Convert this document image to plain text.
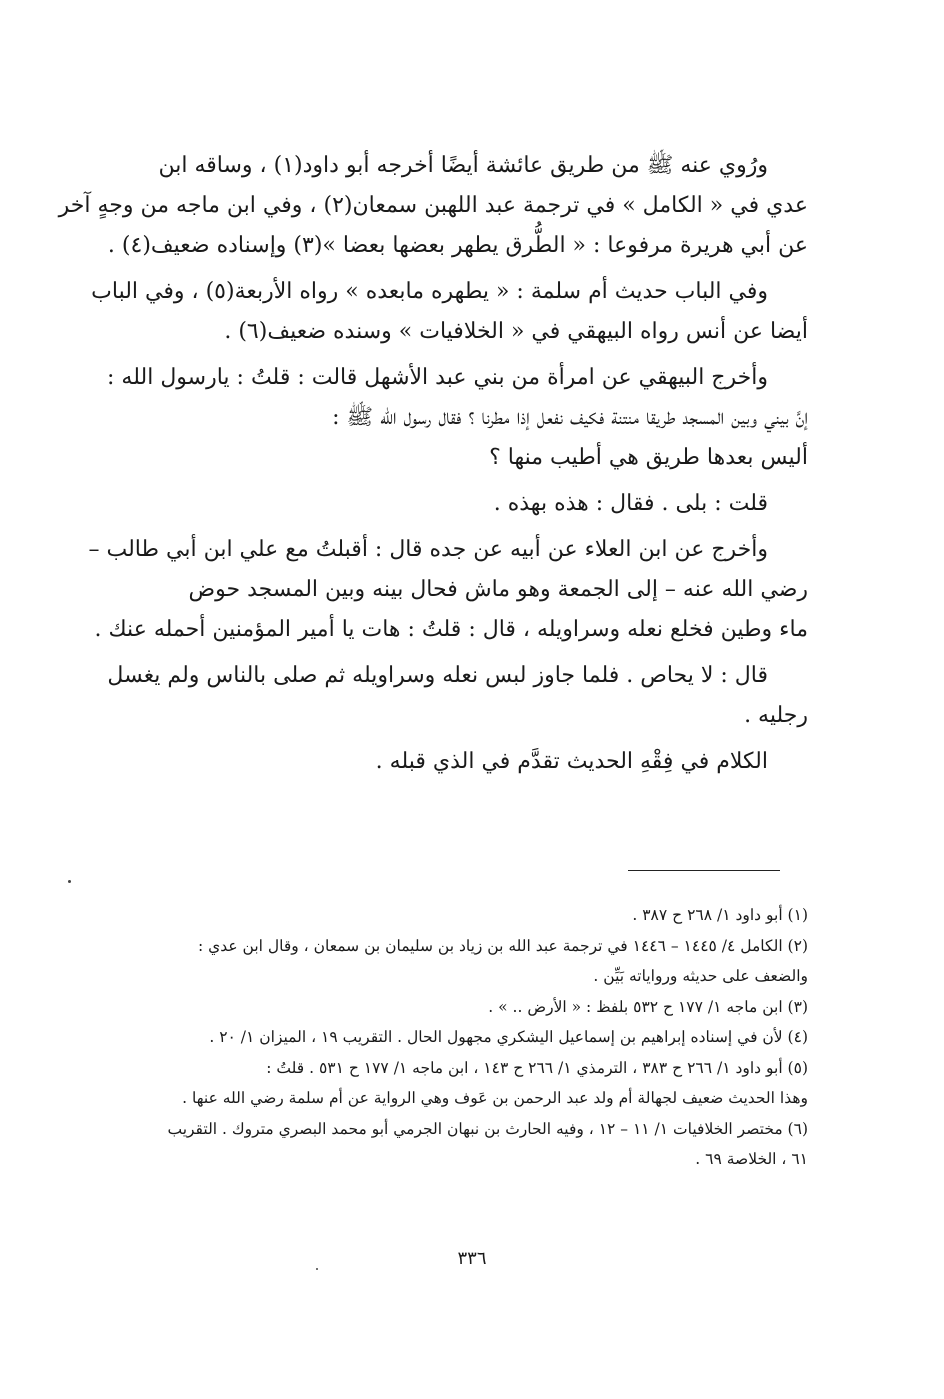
ورُوي عنه ﷺ من طريق عائشة أيضًا أخرجه أبو داود(١) ، وساقه ابن
عدي في « الكامل » في ترجمة عبد اللهبن سمعان(٢) ، وفي ابن ماجه من وجهٍ آخر
عن أبي هريرة مرفوعا : « الطُّرق يطهر بعضها بعضا »(٣) وإسناده ضعيف(٤) .

وفي الباب حديث أم سلمة : « يطهره مابعده » رواه الأربعة(٥) ، وفي الباب
أيضا عن أنس رواه البيهقي في « الخلافيات » وسنده ضعيف(٦) .

وأخرج البيهقي عن امرأة من بني عبد الأشهل قالت : قلتُ : يارسول الله :
إنَّ بيني وبين المسجد طريقا منتنة فكيف نفعل إذا مطرنا ؟ فقال رسول الله ﷺ :
أليس بعدها طريق هي أطيب منها ؟

قلت : بلى . فقال : هذه بهذه .

وأخرج عن ابن العلاء عن أبيه عن جده قال : أقبلتُ مع علي ابن أبي طالب –
رضي الله عنه – إلى الجمعة وهو ماش فحال بينه وبين المسجد حوض
ماء وطين فخلع نعله وسراويله ، قال : قلتُ : هات يا أمير المؤمنين أحمله عنك .

قال : لا يحاص . فلما جاوز لبس نعله وسراويله ثم صلى بالناس ولم يغسل
رجليه .

الكلام في فِقْهِ الحديث تقدَّم في الذي قبله .

(١) أبو داود ١/ ٢٦٨ ح ٣٨٧ .
(٢) الكامل ٤/ ١٤٤٥ – ١٤٤٦ في ترجمة عبد الله بن زياد بن سليمان بن سمعان ، وقال ابن عدي :
والضعف على حديثه ورواياته بَيِّن .
(٣) ابن ماجه ١/ ١٧٧ ح ٥٣٢ بلفظ : « الأرض .. » .
(٤) لأن في إسناده إبراهيم بن إسماعيل اليشكري مجهول الحال . التقريب ١٩ ، الميزان ١/ ٢٠ .
(٥) أبو داود ١/ ٢٦٦ ح ٣٨٣ ، الترمذي ١/ ٢٦٦ ح ١٤٣ ، ابن ماجه ١/ ١٧٧ ح ٥٣١ . قلتُ :
وهذا الحديث ضعيف لجهالة أم ولد عبد الرحمن بن عَوف وهي الرواية عن أم سلمة رضي الله عنها .
(٦) مختصر الخلافيات ١/ ١١ – ١٢ ، وفيه الحارث بن نبهان الجرمي أبو محمد البصري متروك . التقريب
٦١ ، الخلاصة ٦٩ .
٣٣٦
